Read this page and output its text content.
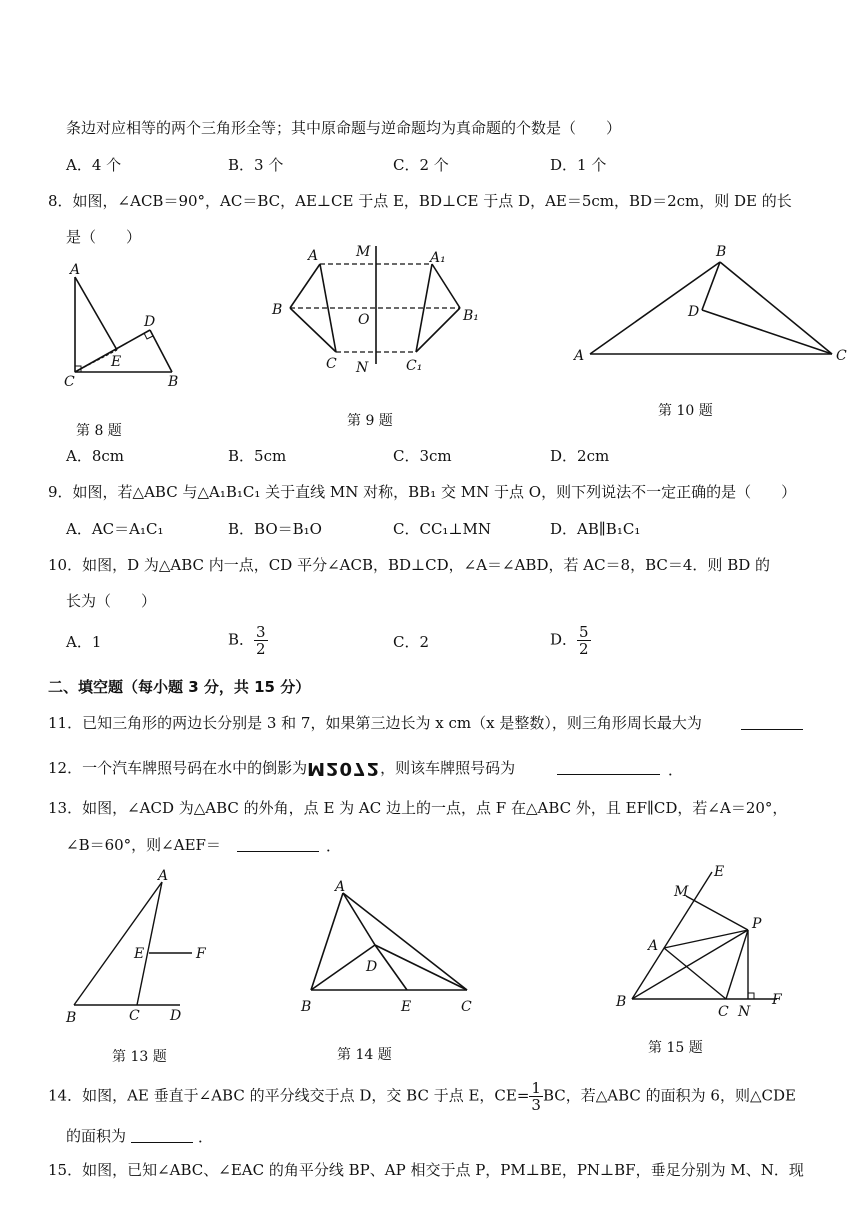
条边对应相等的两个三角形全等；其中原命题与逆命题均为真命题的个数是（　　）
A．4 个	B．3 个	C．2 个	D．1 个
8．如图，∠ACB＝90°，AC＝BC，AE⊥CE 于点 E，BD⊥CE 于点 D，AE＝5cm，BD＝2cm，则 DE 的长
是（　　）
A
C	B
D
E
第 8 题
A	M	A₁
B
O	B₁
C N	C₁
第 9 题
B
D
A	C
第 10 题
A．8cm	B．5cm	C．3cm	D．2cm
9．如图，若△ABC 与△A₁B₁C₁ 关于直线 MN 对称，BB₁ 交 MN 于点 O，则下列说法不一定正确的是（　　）
A．AC＝A₁C₁	B．BO＝B₁O	C．CC₁⊥MN	D．AB∥B₁C₁
10．如图，D 为△ABC 内一点，CD 平分∠ACB，BD⊥CD，∠A＝∠ABD，若 AC＝8，BC＝4．则 BD 的
长为（　　）
A．1	B． $\frac{3}{2}$	C．2	D． $\frac{5}{2}$
二、填空题（每小题 3 分，共 15 分）
11．已知三角形的两边长分别是 3 和 7，如果第三边长为 x cm（x 是整数），则三角形周长最大为
12．一个汽车牌照号码在水中的倒影为M2072，则该车牌照号码为	．
13．如图，∠ACD 为△ABC 的外角，点 E 为 AC 边上的一点，点 F 在△ABC 外，且 EF∥CD，若∠A＝20°，
∠B＝60°，则∠AEF＝	．
A
E	F
B	C D
第 13 题
A
D
B	E	C
第 14 题
E
M
A
P
B
C N
F
第 15 题
14．如图，AE 垂直于∠ABC 的平分线交于点 D，交 BC 于点 E，$CE= \frac{1}{3}$ BC，若△ABC 的面积为 6，则△CDE
的面积为	．
15．如图，已知∠ABC、∠EAC 的角平分线 BP、AP 相交于点 P，PM⊥BE，PN⊥BF，垂足分别为 M、N．现
